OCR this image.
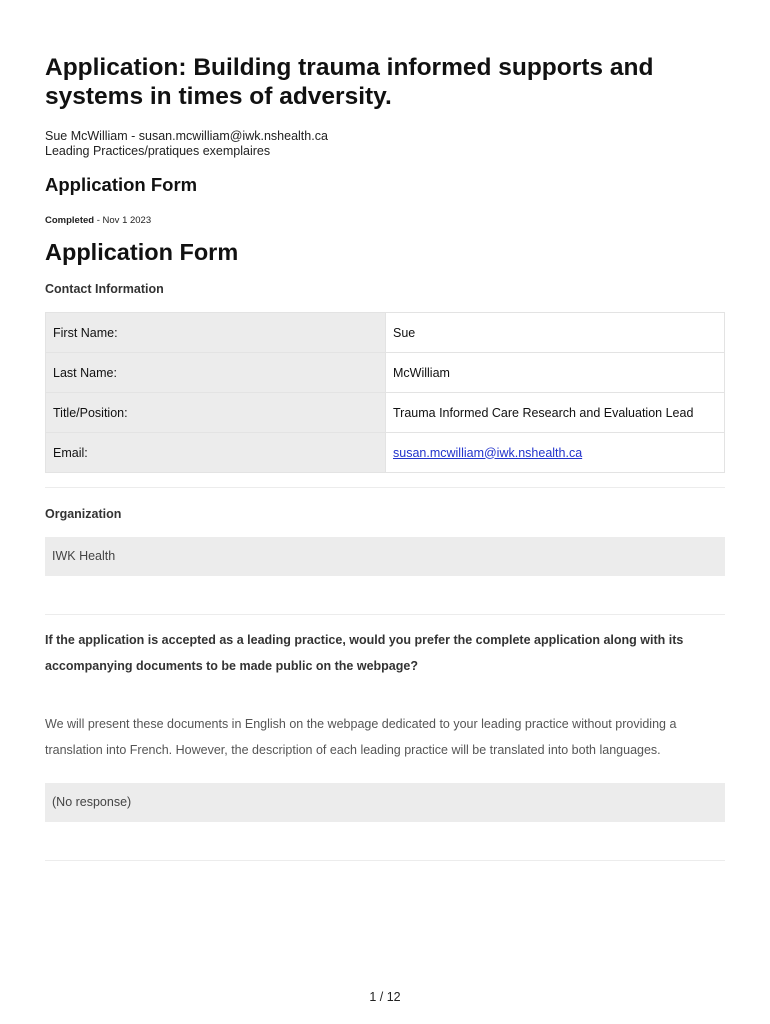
Application: Building trauma informed supports and systems in times of adversity.
Sue McWilliam - susan.mcwilliam@iwk.nshealth.ca
Leading Practices/pratiques exemplaires
Application Form
Completed - Nov 1 2023
Application Form
Contact Information
First Name:	Sue
Last Name:	McWilliam
Title/Position:	Trauma Informed Care Research and Evaluation Lead
Email:	susan.mcwilliam@iwk.nshealth.ca
Organization
IWK Health

If the application is accepted as a leading practice, would you prefer the complete application along with its accompanying documents to be made public on the webpage?

We will present these documents in English on the webpage dedicated to your leading practice without providing a translation into French. However, the description of each leading practice will be translated into both languages.

(No response)
1 / 12
